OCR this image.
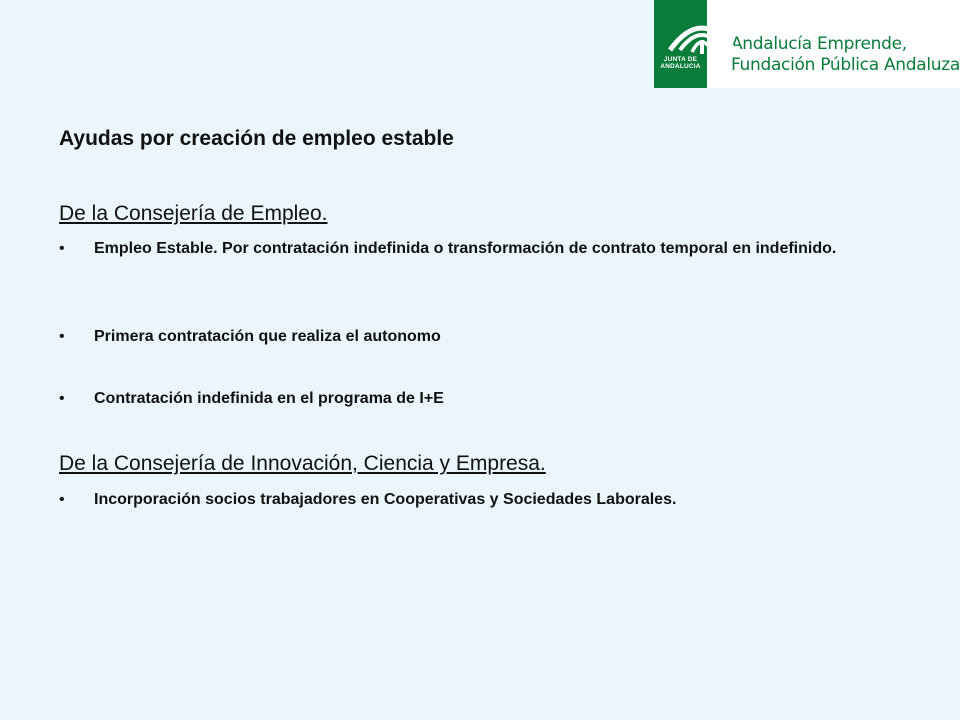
JUNTA DE ANDALUCIA
Andalucía Emprende,
Fundación Pública Andaluza
Ayudas por creación de empleo estable
De la Consejería de Empleo.
•	Empleo Estable. Por contratación indefinida o transformación de contrato temporal en indefinido.
•	Primera contratación que realiza el autonomo
•	Contratación indefinida en el programa de I+E
De la Consejería de Innovación, Ciencia y Empresa.
•	Incorporación socios trabajadores en Cooperativas y Sociedades Laborales.
